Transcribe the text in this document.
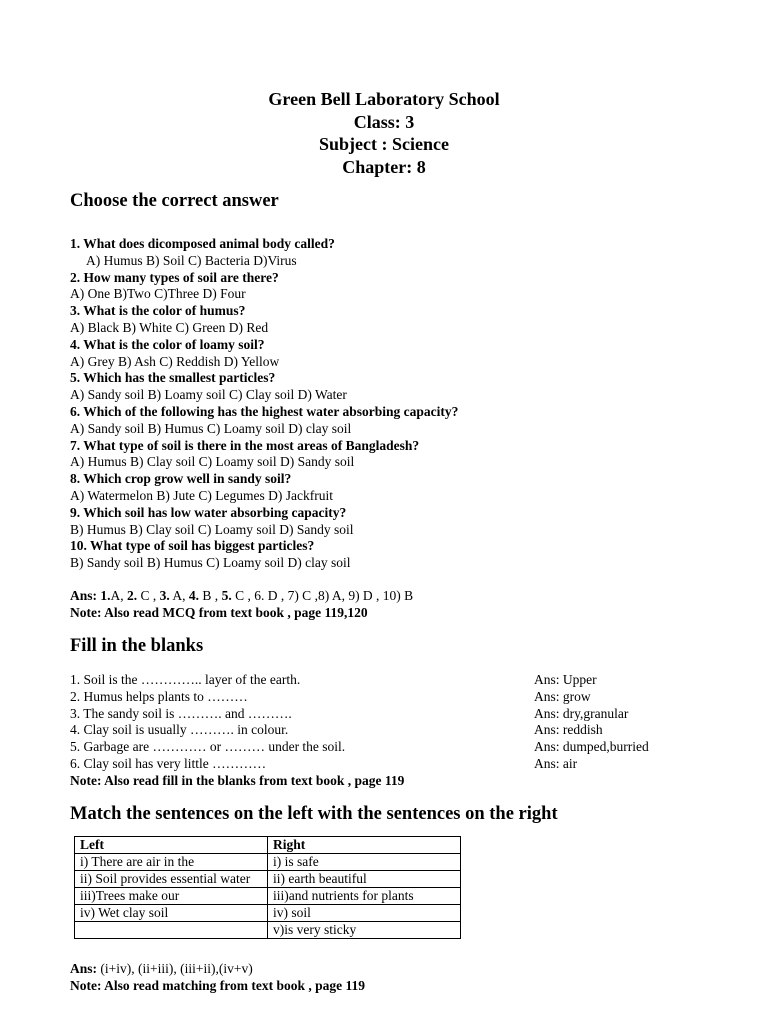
Green Bell Laboratory School
Class: 3
Subject : Science
Chapter: 8
Choose the correct answer
1. What does dicomposed animal body called?
A) Humus B) Soil C) Bacteria D)Virus
2. How many types of soil are there?
A) One B)Two C)Three D) Four
3. What is the color of humus?
A) Black B) White C) Green D) Red
4. What is the color of loamy soil?
A) Grey B) Ash C) Reddish D) Yellow
5. Which has the smallest particles?
A) Sandy soil B) Loamy soil C) Clay soil D) Water
6. Which of the following has the highest water absorbing capacity?
A) Sandy soil B) Humus C) Loamy soil D) clay soil
7. What type of soil is there in the most areas of Bangladesh?
A) Humus B) Clay soil C) Loamy soil D) Sandy soil
8. Which crop grow well in sandy soil?
A) Watermelon B) Jute C) Legumes D) Jackfruit
9. Which soil has low water absorbing capacity?
B) Humus B) Clay soil C) Loamy soil D) Sandy soil
10. What type of soil has biggest particles?
B) Sandy soil B) Humus C) Loamy soil D) clay soil
Ans: 1.A, 2. C , 3. A, 4. B , 5. C , 6. D , 7) C ,8) A, 9) D , 10) B
Note: Also read MCQ from text book , page 119,120
Fill in the blanks
1. Soil is the ………….. layer of the earth.	Ans: Upper
2. Humus helps plants to ………	Ans: grow
3. The sandy soil is ………. and ……….	Ans: dry,granular
4. Clay soil is usually ………. in colour.	Ans: reddish
5. Garbage are ………… or ……… under the soil.	Ans: dumped,burried
6. Clay soil has very little …………	Ans: air
Note: Also read fill in the blanks from text book , page 119
Match the sentences on the left with the sentences on the right
Left	Right
i) There are air in the	i) is safe
ii) Soil provides essential water	ii) earth beautiful
iii)Trees make our	iii)and nutrients for plants
iv) Wet clay soil	iv) soil
	v)is very sticky
Ans: (i+iv), (ii+iii), (iii+ii),(iv+v)
Note: Also read matching from text book , page 119
